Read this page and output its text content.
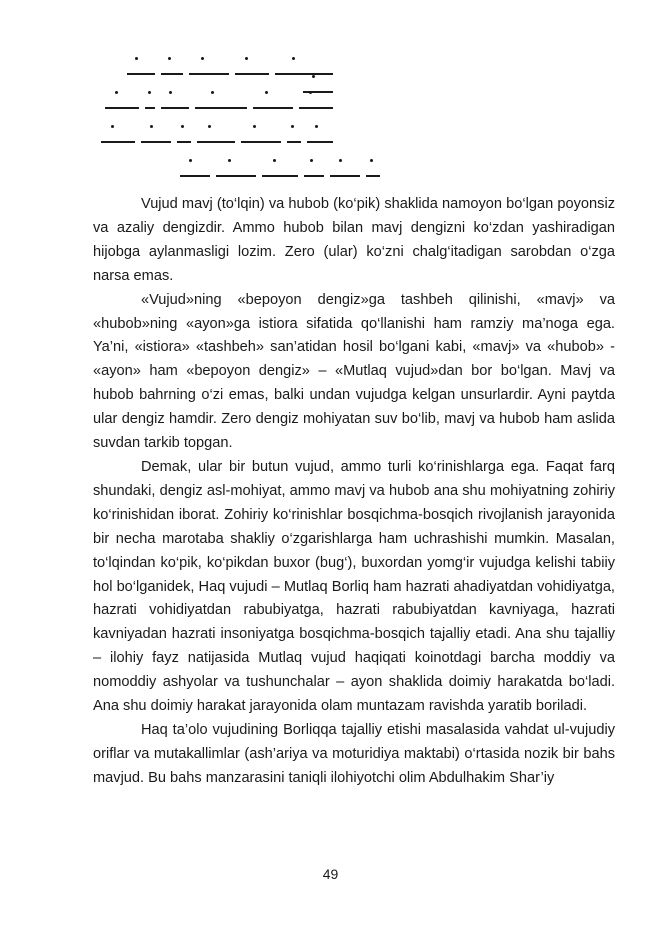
Vujud mavj (to‘lqin) va hubob (ko‘pik) shaklida namoyon bo‘lgan poyonsiz va azaliy dengizdir. Ammo hubob bilan mavj dengizni ko‘zdan yashiradigan hijobga aylanmasligi lozim. Zero (ular) ko‘zni chalg‘itadigan sarobdan o‘zga narsa emas.

«Vujud»ning «bepoyon dengiz»ga tashbeh qilinishi, «mavj» va «hubob»ning «ayon»ga istiora sifatida qo‘llanishi ham ramziy ma’noga ega. Ya’ni, «istiora» «tashbeh» san’atidan hosil bo‘lgani kabi, «mavj» va «hubob» - «ayon» ham «bepoyon dengiz» – «Mutlaq vujud»dan bor bo‘lgan. Mavj va hubob bahrning o‘zi emas, balki undan vujudga kelgan unsurlardir. Ayni paytda ular dengiz hamdir. Zero dengiz mohiyatan suv bo‘lib, mavj va hubob ham aslida suvdan tarkib topgan.

Demak, ular bir butun vujud, ammo turli ko‘rinishlarga ega. Faqat farq shundaki, dengiz asl-mohiyat, ammo mavj va hubob ana shu mohiyatning zohiriy ko‘rinishidan iborat. Zohiriy ko‘rinishlar bosqichma-bosqich rivojlanish jarayonida bir necha marotaba shakliy o‘zgarishlarga ham uchrashishi mumkin. Masalan, to‘lqindan ko‘pik, ko‘pikdan buxor (bug‘), buxordan yomg‘ir vujudga kelishi tabiiy hol bo‘lganidek, Haq vujudi – Mutlaq Borliq ham hazrati ahadiyatdan vohidiyatga, hazrati vohidiyatdan rabubiyatga, hazrati rabubiyatdan kavniyaga, hazrati kavniyadan hazrati insoniyatga bosqichma-bosqich tajalliy etadi. Ana shu tajalliy – ilohiy fayz natijasida Mutlaq vujud haqiqati koinotdagi barcha moddiy va nomoddiy ashyolar va tushunchalar – ayon shaklida doimiy harakatda bo‘ladi. Ana shu doimiy harakat jarayonida olam muntazam ravishda yaratib boriladi.

Haq ta’olo vujudining Borliqqa tajalliy etishi masalasida vahdat ul-vujudiy oriflar va mutakallimlar (ash’ariya va moturidiya maktabi) o‘rtasida nozik bir bahs mavjud. Bu bahs manzarasini taniqli ilohiyotchi olim Abdulhakim Shar’iy

49
